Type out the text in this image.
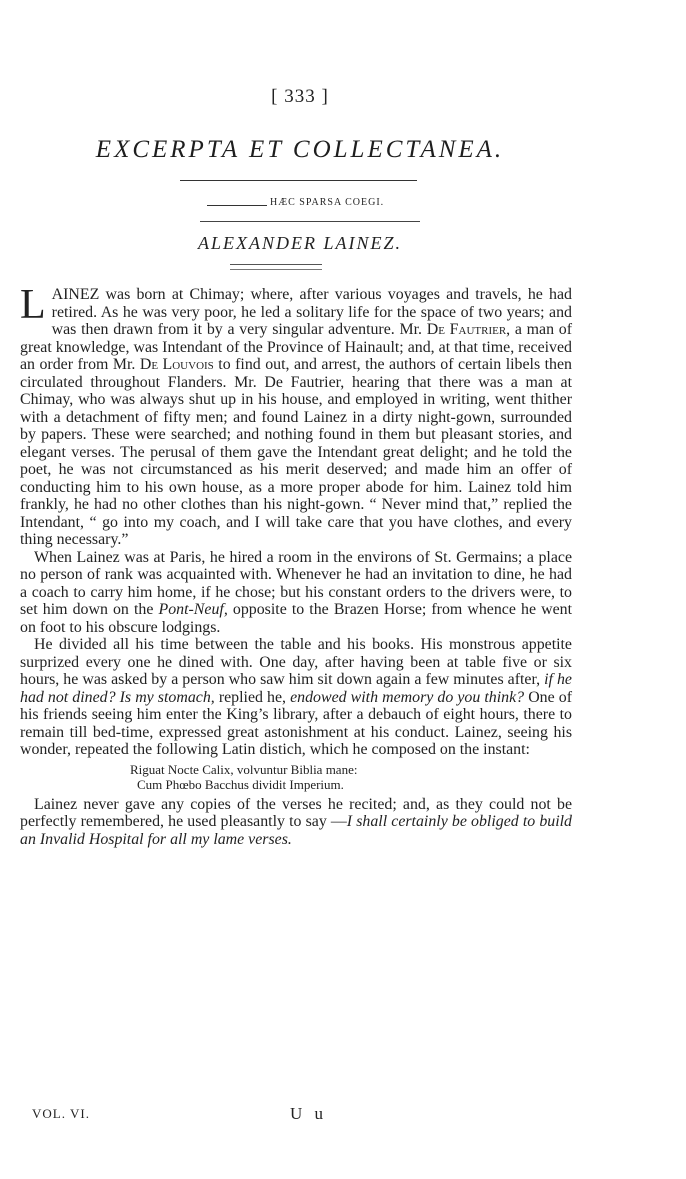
[ 333 ]
EXCERPTA ET COLLECTANEA.
HÆC SPARSA COEGI.
ALEXANDER LAINEZ.

LAINEZ was born at Chimay; where, after various voyages and travels, he had retired. As he was very poor, he led a solitary life for the space of two years; and was then drawn from it by a very singular adventure. Mr. De Fautrier, a man of great knowledge, was Intendant of the Province of Hainault; and, at that time, received an order from Mr. De Louvois to find out, and arrest, the authors of certain libels then circulated throughout Flanders. Mr. De Fautrier, hearing that there was a man at Chimay, who was always shut up in his house, and employed in writing, went thither with a detachment of fifty men; and found Lainez in a dirty night-gown, surrounded by papers. These were searched; and nothing found in them but pleasant stories, and elegant verses. The perusal of them gave the Intendant great delight; and he told the poet, he was not circumstanced as his merit deserved; and made him an offer of conducting him to his own house, as a more proper abode for him. Lainez told him frankly, he had no other clothes than his night-gown. “ Never mind that,” replied the Intendant, “ go into my coach, and I will take care that you have clothes, and every thing necessary.”

When Lainez was at Paris, he hired a room in the environs of St. Germains; a place no person of rank was acquainted with. Whenever he had an invitation to dine, he had a coach to carry him home, if he chose; but his constant orders to the drivers were, to set him down on the Pont-Neuf, opposite to the Brazen Horse; from whence he went on foot to his obscure lodgings.

He divided all his time between the table and his books. His monstrous appetite surprized every one he dined with. One day, after having been at table five or six hours, he was asked by a person who saw him sit down again a few minutes after, if he had not dined? Is my stomach, replied he, endowed with memory do you think? One of his friends seeing him enter the King’s library, after a debauch of eight hours, there to remain till bed-time, expressed great astonishment at his conduct. Lainez, seeing his wonder, repeated the following Latin distich, which he composed on the instant:

Riguat Nocte Calix, volvuntur Biblia mane:
Cum Phœbo Bacchus dividit Imperium.

Lainez never gave any copies of the verses he recited; and, as they could not be perfectly remembered, he used pleasantly to say —I shall certainly be obliged to build an Invalid Hospital for all my lame verses.

VOL. VI.	U u
